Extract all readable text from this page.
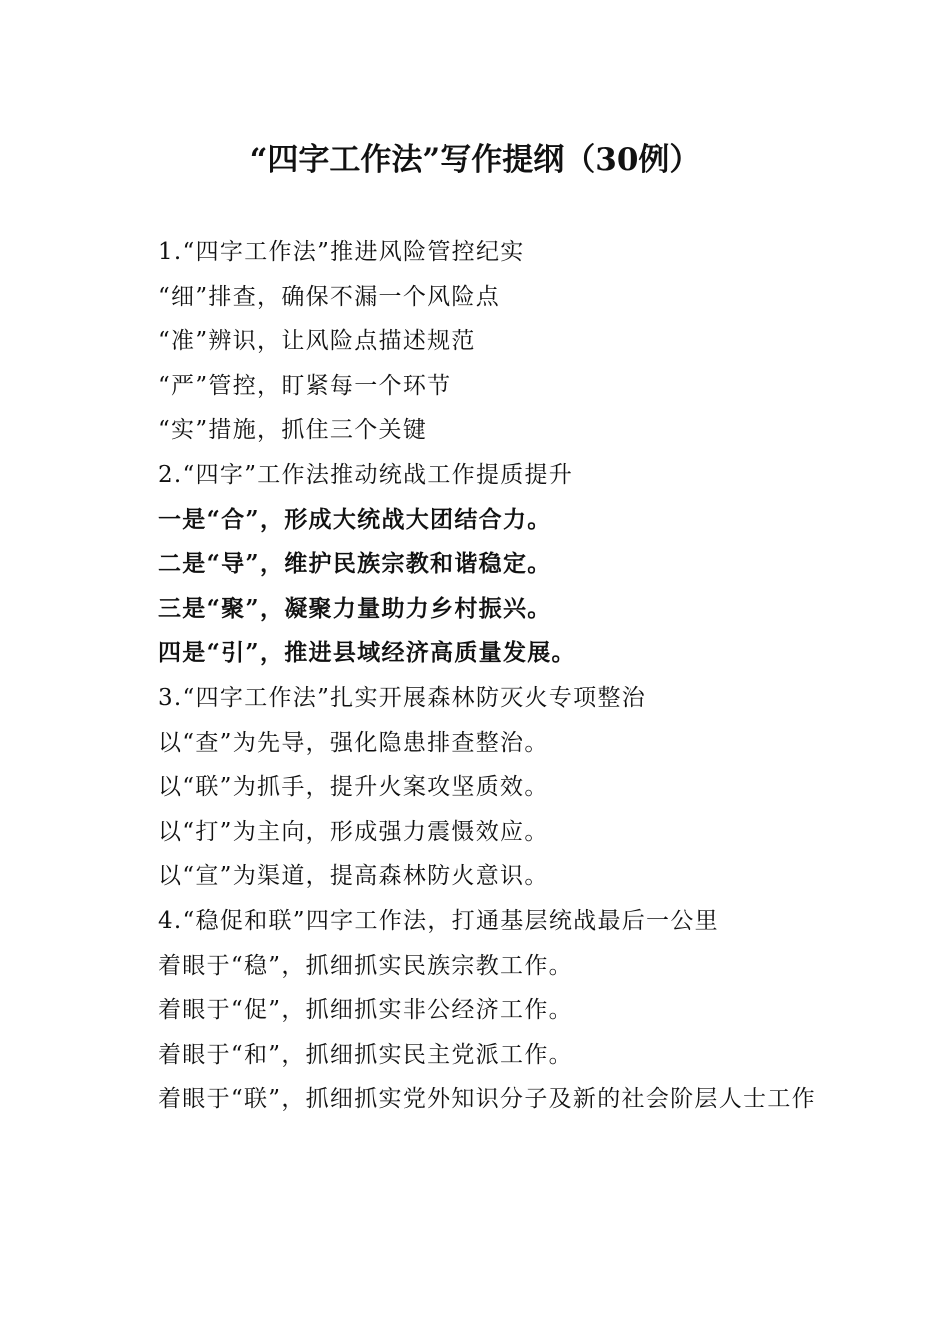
“四字工作法”写作提纲（30例）
1.“四字工作法”推进风险管控纪实
“细”排查，确保不漏一个风险点
“准”辨识，让风险点描述规范
“严”管控，盯紧每一个环节
“实”措施，抓住三个关键
2.“四字”工作法推动统战工作提质提升
一是“合”，形成大统战大团结合力。
二是“导”，维护民族宗教和谐稳定。
三是“聚”，凝聚力量助力乡村振兴。
四是“引”，推进县域经济高质量发展。
3.“四字工作法”扎实开展森林防灭火专项整治
以“查”为先导，强化隐患排查整治。
以“联”为抓手，提升火案攻坚质效。
以“打”为主向，形成强力震慑效应。
以“宣”为渠道，提高森林防火意识。
4.“稳促和联”四字工作法，打通基层统战最后一公里
着眼于“稳”，抓细抓实民族宗教工作。
着眼于“促”，抓细抓实非公经济工作。
着眼于“和”，抓细抓实民主党派工作。
着眼于“联”，抓细抓实党外知识分子及新的社会阶层人士工作
